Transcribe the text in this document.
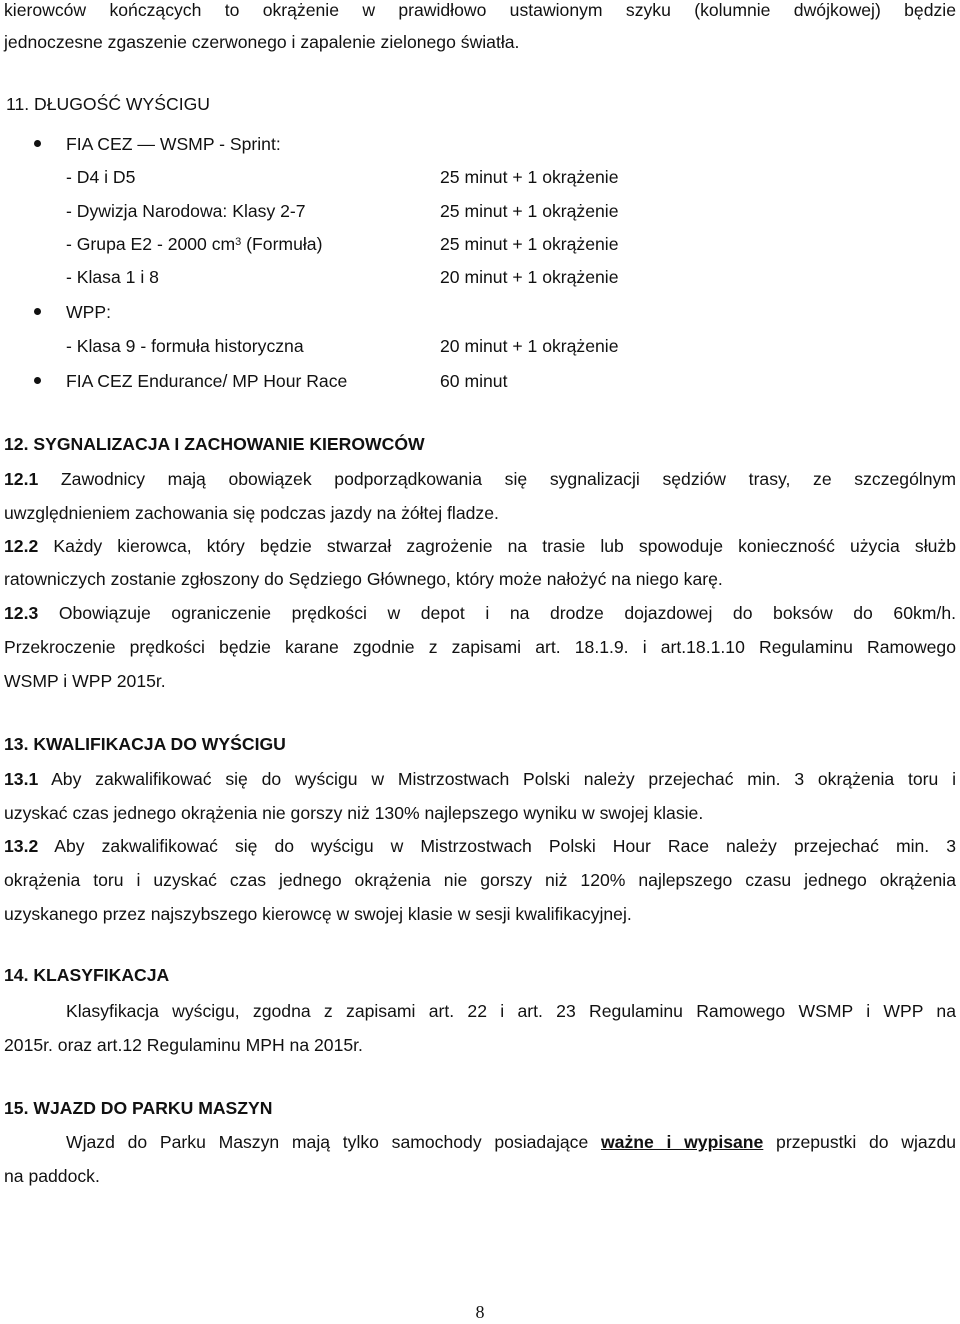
kierowców kończących to okrążenie w prawidłowo ustawionym szyku (kolumnie dwójkowej) będzie
jednoczesne zgaszenie czerwonego i zapalenie zielonego światła.
11. DŁUGOŚĆ WYŚCIGU
FIA CEZ — WSMP - Sprint:
- D4 i D5	25 minut + 1 okrążenie
- Dywizja Narodowa: Klasy 2-7	25 minut + 1 okrążenie
- Grupa E2 - 2000 $cm^3$ (Formuła)	25 minut + 1 okrążenie
- Klasa 1 i 8	20 minut + 1 okrążenie
WPP:
- Klasa 9 - formuła historyczna	20 minut + 1 okrążenie
FIA CEZ Endurance/ MP Hour Race	60 minut
12. SYGNALIZACJA I ZACHOWANIE KIEROWCÓW
12.1 Zawodnicy mają obowiązek podporządkowania się sygnalizacji sędziów trasy, ze szczególnym
uwzględnieniem zachowania się podczas jazdy na żółtej fladze.
12.2 Każdy kierowca, który będzie stwarzał zagrożenie na trasie lub spowoduje konieczność użycia służb
ratowniczych zostanie zgłoszony do Sędziego Głównego, który może nałożyć na niego karę.
12.3 Obowiązuje ograniczenie prędkości w depot i na drodze dojazdowej do boksów do 60km/h.
Przekroczenie prędkości będzie karane zgodnie z zapisami art. 18.1.9. i art.18.1.10 Regulaminu Ramowego
WSMP i WPP 2015r.
13. KWALIFIKACJA DO WYŚCIGU
13.1 Aby zakwalifikować się do wyścigu w Mistrzostwach Polski należy przejechać min. 3 okrążenia toru i
uzyskać czas jednego okrążenia nie gorszy niż 130% najlepszego wyniku w swojej klasie.
13.2 Aby zakwalifikować się do wyścigu w Mistrzostwach Polski Hour Race należy przejechać min. 3
okrążenia toru i uzyskać czas jednego okrążenia nie gorszy niż 120% najlepszego czasu jednego okrążenia
uzyskanego przez najszybszego kierowcę w swojej klasie w sesji kwalifikacyjnej.
14. KLASYFIKACJA
Klasyfikacja wyścigu, zgodna z zapisami art. 22 i art. 23 Regulaminu Ramowego WSMP i WPP na
2015r. oraz art.12 Regulaminu MPH na 2015r.
15. WJAZD DO PARKU MASZYN
Wjazd do Parku Maszyn mają tylko samochody posiadające ważne i wypisane przepustki do wjazdu
na paddock.
8
